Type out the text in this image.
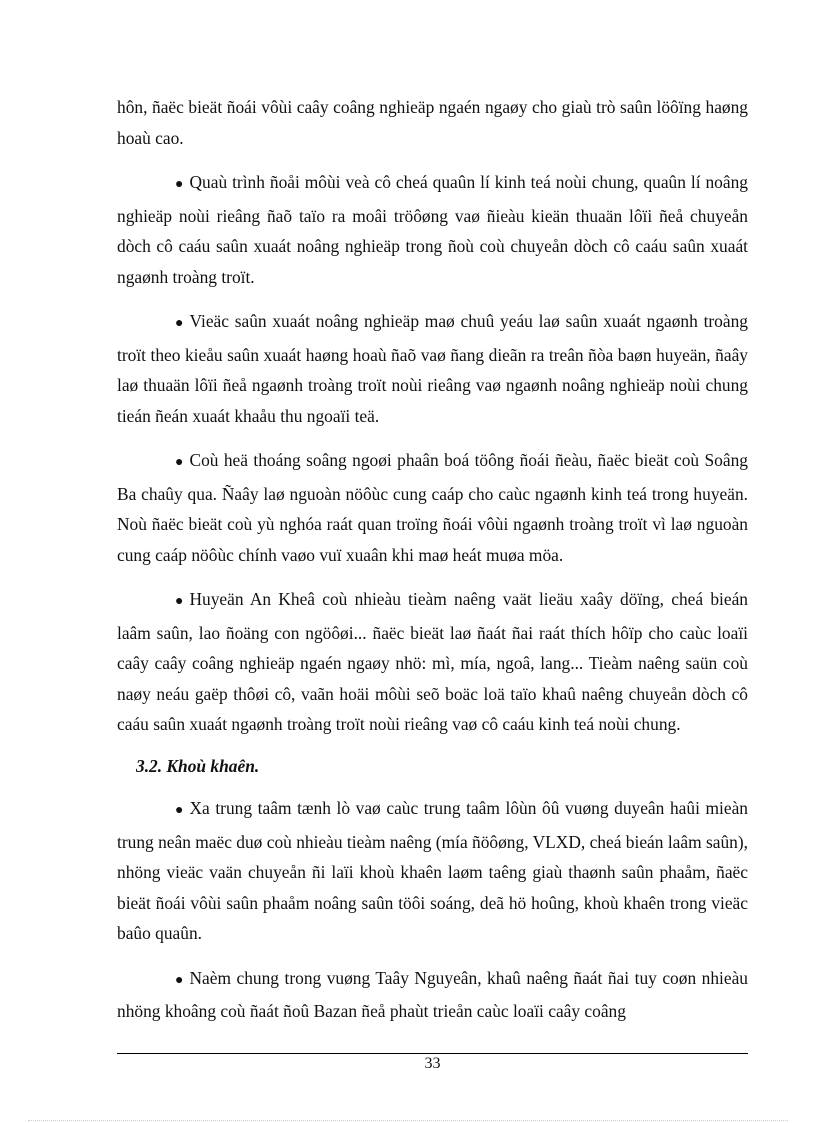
hôn, ñaëc bieät ñoái vôùi caây coâng nghieäp ngaén ngaøy cho giaù trò saûn löôïng haøng hoaù cao.

● Quaù trình ñoåi môùi veà cô cheá quaûn lí kinh teá noùi chung, quaûn lí noâng nghieäp noùi rieâng ñaõ taïo ra moâi tröôøng vaø ñieàu kieän thuaän lôïi ñeå chuyeån dòch cô caáu saûn xuaát noâng nghieäp trong ñoù coù chuyeån dòch cô caáu saûn xuaát ngaønh troàng troït.

● Vieäc saûn xuaát noâng nghieäp maø chuû yeáu laø saûn xuaát ngaønh troàng troït theo kieåu saûn xuaát haøng hoaù ñaõ vaø ñang dieãn ra treân ñòa baøn huyeän, ñaây laø thuaän lôïi ñeå ngaønh troàng troït noùi rieâng vaø ngaønh noâng nghieäp noùi chung tieán ñeán xuaát khaåu thu ngoaïi teä.

● Coù heä thoáng soâng ngoøi phaân boá töông ñoái ñeàu, ñaëc bieät coù Soâng Ba chaûy qua. Ñaây laø nguoàn nöôùc cung caáp cho caùc ngaønh kinh teá trong huyeän. Noù ñaëc bieät coù yù nghóa raát quan troïng ñoái vôùi ngaønh troàng troït vì laø nguoàn cung caáp nöôùc chính vaøo vuï xuaân khi maø heát muøa möa.

● Huyeän An Kheâ coù nhieàu tieàm naêng vaät lieäu xaây döïng, cheá bieán laâm saûn, lao ñoäng con ngöôøi... ñaëc bieät laø ñaát ñai raát thích hôïp cho caùc loaïi caây caây coâng nghieäp ngaén ngaøy nhö: mì, mía, ngoâ, lang... Tieàm naêng saün coù naøy neáu gaëp thôøi cô, vaãn hoäi môùi seõ boäc loä taïo khaû naêng chuyeån dòch cô caáu saûn xuaát ngaønh troàng troït noùi rieâng vaø cô caáu kinh teá noùi chung.

3.2. Khoù khaên.

● Xa trung taâm tænh lò vaø caùc trung taâm lôùn ôû vuøng duyeân haûi mieàn trung neân maëc duø coù nhieàu tieàm naêng (mía ñöôøng, VLXD, cheá bieán laâm saûn), nhöng vieäc vaän chuyeån ñi laïi khoù khaên laøm taêng giaù thaønh saûn phaåm, ñaëc bieät ñoái vôùi saûn phaåm noâng saûn töôi soáng, deã hö hoûng, khoù khaên trong vieäc baûo quaûn.

● Naèm chung trong vuøng Taây Nguyeân, khaû naêng ñaát ñai tuy coøn nhieàu nhöng khoâng coù ñaát ñoû Bazan ñeå phaùt trieån caùc loaïi caây coâng

33
